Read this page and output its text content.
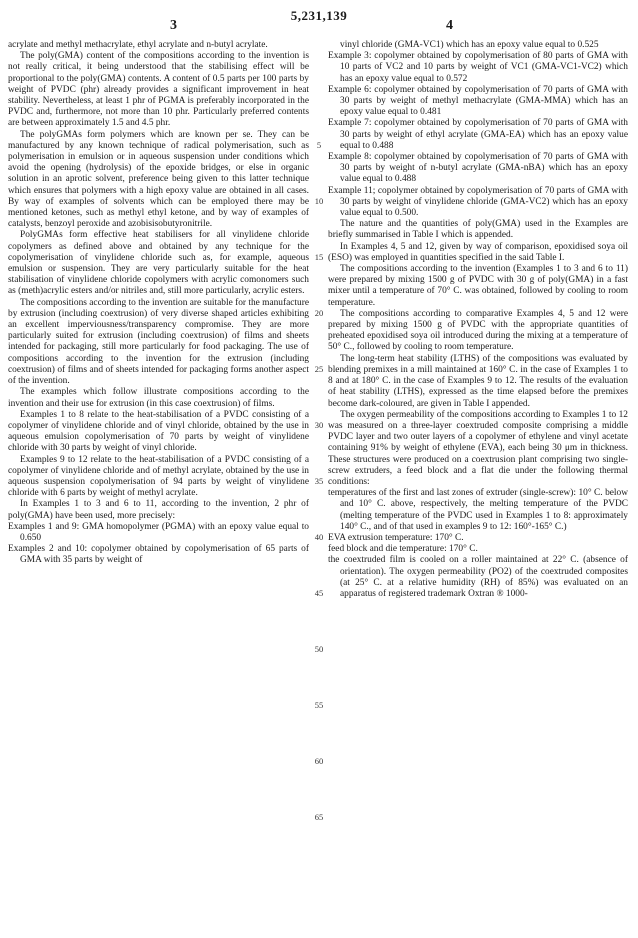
3
5,231,139
4

acrylate and methyl methacrylate, ethyl acrylate and n-butyl acrylate.

The poly(GMA) content of the compositions according to the invention is not really critical, it being understood that the stabilising effect will be proportional to the poly(GMA) contents. A content of 0.5 parts per 100 parts by weight of PVDC (phr) already provides a significant improvement in heat stability. Nevertheless, at least 1 phr of PGMA is preferably incorporated in the PVDC and, furthermore, not more than 10 phr. Particularly preferred contents are between approximately 1.5 and 4.5 phr.

The polyGMAs form polymers which are known per se. They can be manufactured by any known technique of radical polymerisation, such as polymerisation in emulsion or in aqueous suspension under conditions which avoid the opening (hydrolysis) of the epoxide bridges, or else in organic solution in an aprotic solvent, preference being given to this latter technique which ensures that polymers with a high epoxy value are obtained in all cases. By way of examples of solvents which can be employed there may be mentioned ketones, such as methyl ethyl ketone, and by way of examples of catalysts, benzoyl peroxide and azobisisobutyronitrile.

PolyGMAs form effective heat stabilisers for all vinylidene chloride copolymers as defined above and obtained by any technique for the copolymerisation of vinylidene chloride such as, for example, aqueous emulsion or suspension. They are very particularly suitable for the heat stabilisation of vinylidene chloride copolymers with acrylic comonomers such as (meth)acrylic esters and/or nitriles and, still more particularly, acrylic esters.

The compositions according to the invention are suitable for the manufacture by extrusion (including coextrusion) of very diverse shaped articles exhibiting an excellent imperviousness/transparency compromise. They are more particularly suited for extrusion (including coextrusion) of films and sheets intended for packaging, still more particularly for food packaging. The use of compositions according to the invention for the extrusion (including coextrusion) of films and of sheets intended for packaging forms another aspect of the invention.

The examples which follow illustrate compositions according to the invention and their use for extrusion (in this case coextrusion) of films.

Examples 1 to 8 relate to the heat-stabilisation of a PVDC consisting of a copolymer of vinylidene chloride and of vinyl chloride, obtained by the use in aqueous emulsion copolymerisation of 70 parts by weight of vinylidene chloride with 30 parts by weight of vinyl chloride.

Examples 9 to 12 relate to the heat-stabilisation of a PVDC consisting of a copolymer of vinylidene chloride and of methyl acrylate, obtained by the use in aqueous suspension copolymerisation of 94 parts by weight of vinylidene chloride with 6 parts by weight of methyl acrylate.

In Examples 1 to 3 and 6 to 11, according to the invention, 2 phr of poly(GMA) have been used, more precisely:

Examples 1 and 9: GMA homopolymer (PGMA) with an epoxy value equal to 0.650

Examples 2 and 10: copolymer obtained by copolymerisation of 65 parts of GMA with 35 parts by weight of

5
10
15
20
25
30
35
40
45
50
55
60
65

vinyl chloride (GMA-VC1) which has an epoxy value equal to 0.525

Example 3: copolymer obtained by copolymerisation of 80 parts of GMA with 10 parts of VC2 and 10 parts by weight of VC1 (GMA-VC1-VC2) which has an epoxy value equal to 0.572

Example 6: copolymer obtained by copolymerisation of 70 parts of GMA with 30 parts by weight of methyl methacrylate (GMA-MMA) which has an epoxy value equal to 0.481

Example 7: copolymer obtained by copolymerisation of 70 parts of GMA with 30 parts by weight of ethyl acrylate (GMA-EA) which has an epoxy value equal to 0.488

Example 8: copolymer obtained by copolymerisation of 70 parts of GMA with 30 parts by weight of n-butyl acrylate (GMA-nBA) which has an epoxy value equal to 0.488

Example 11; copolymer obtained by copolymerisation of 70 parts of GMA with 30 parts by weight of vinylidene chloride (GMA-VC2) which has an epoxy value equal to 0.500.

The nature and the quantities of poly(GMA) used in the Examples are briefly summarised in Table I which is appended.

In Examples 4, 5 and 12, given by way of comparison, epoxidised soya oil (ESO) was employed in quantities specified in the said Table I.

The compositions according to the invention (Examples 1 to 3 and 6 to 11) were prepared by mixing 1500 g of PVDC with 30 g of poly(GMA) in a fast mixer until a temperature of 70° C. was obtained, followed by cooling to room temperature.

The compositions according to comparative Examples 4, 5 and 12 were prepared by mixing 1500 g of PVDC with the appropriate quantities of preheated epoxidised soya oil introduced during the mixing at a temperature of 50° C., followed by cooling to room temperature.

The long-term heat stability (LTHS) of the compositions was evaluated by blending premixes in a mill maintained at 160° C. in the case of Examples 1 to 8 and at 180° C. in the case of Examples 9 to 12. The results of the evaluation of heat stability (LTHS), expressed as the time elapsed before the premixes become dark-coloured, are given in Table I appended.

The oxygen permeability of the compositions according to Examples 1 to 12 was measured on a three-layer coextruded composite comprising a middle PVDC layer and two outer layers of a copolymer of ethylene and vinyl acetate containing 91% by weight of ethylene (EVA), each being 30 μm in thickness. These structures were produced on a coextrusion plant comprising two single-screw extruders, a feed block and a flat die under the following thermal conditions:

temperatures of the first and last zones of extruder (single-screw): 10° C. below and 10° C. above, respectively, the melting temperature of the PVDC (melting temperature of the PVDC used in Examples 1 to 8: approximately 140° C., and of that used in examples 9 to 12: 160°-165° C.)

EVA extrusion temperature: 170° C.

feed block and die temperature: 170° C.

the coextruded film is cooled on a roller maintained at 22° C. (absence of orientation). The oxygen permeability (PO2) of the coextruded composites (at 25° C. at a relative humidity (RH) of 85%) was evaluated on an apparatus of registered trademark Oxtran ® 1000-
